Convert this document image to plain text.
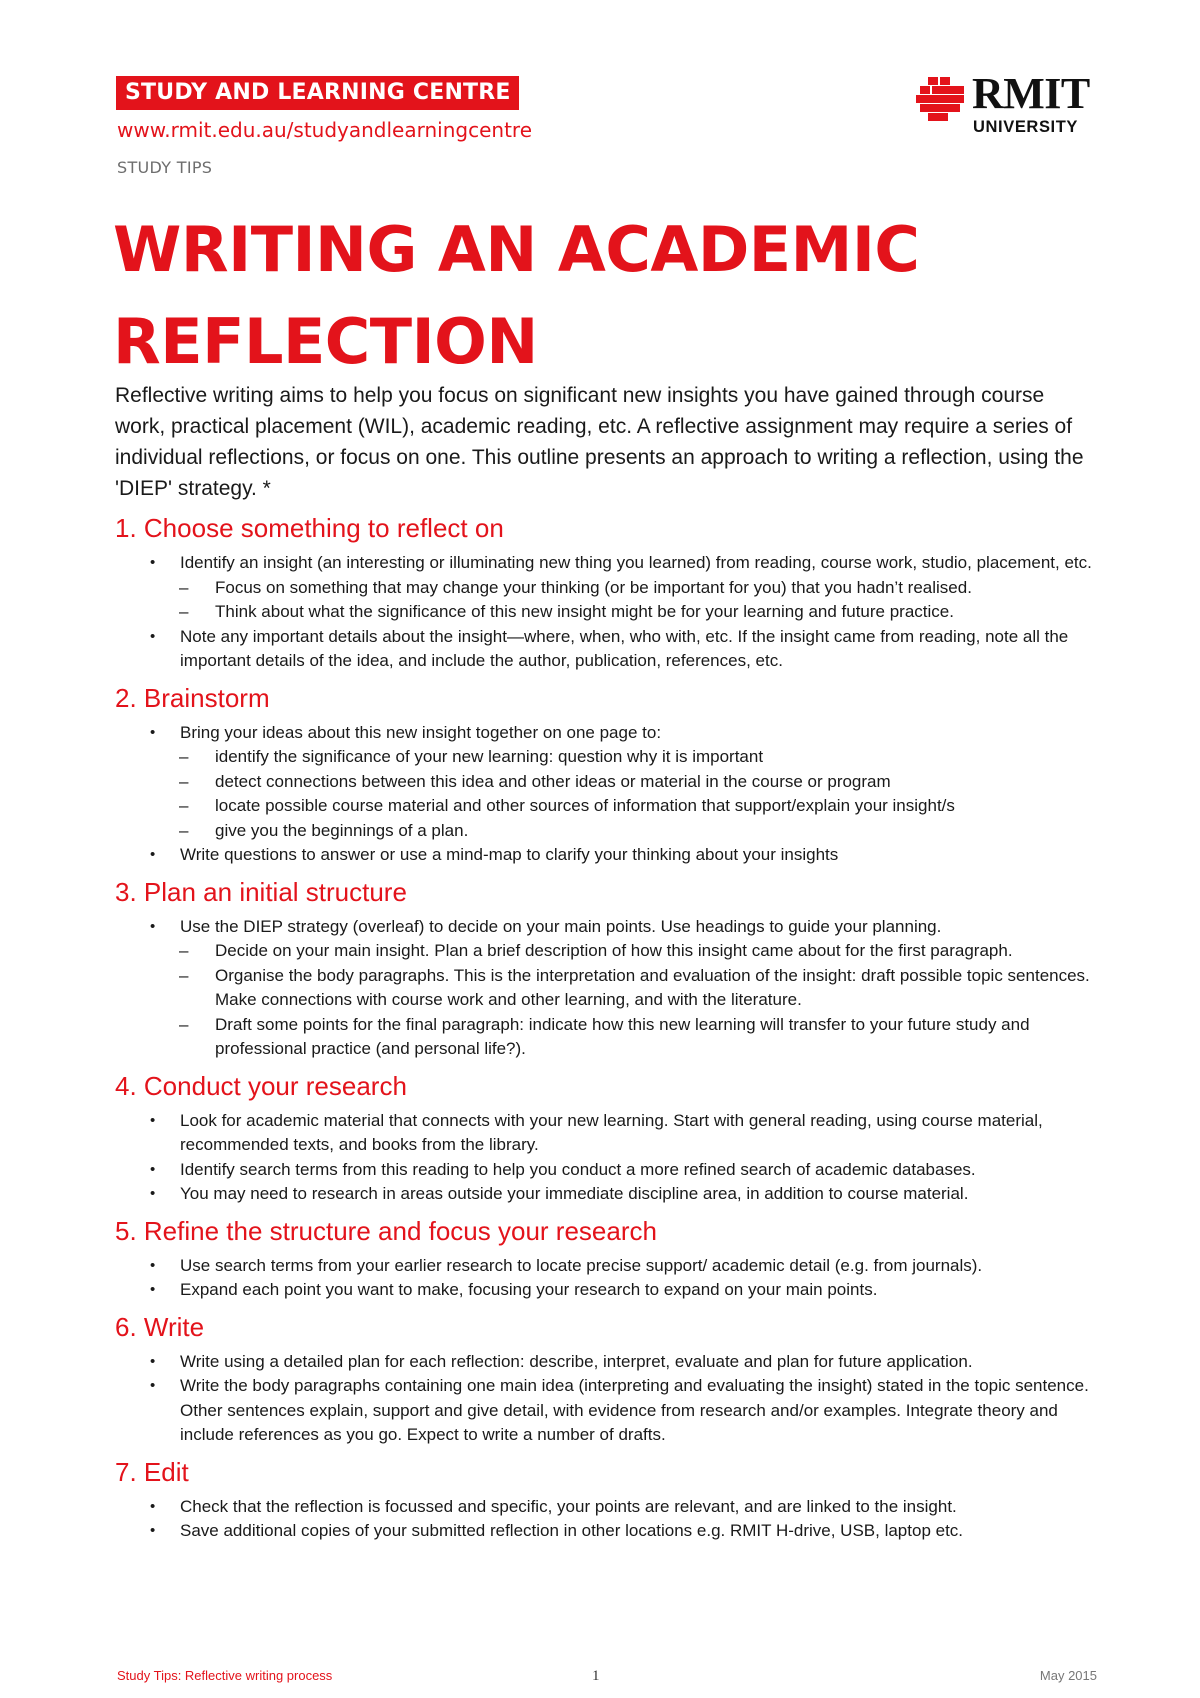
STUDY AND LEARNING CENTRE
www.rmit.edu.au/studyandlearningcentre
STUDY TIPS
RMIT
UNIVERSITY
WRITING AN ACADEMIC REFLECTION

Reflective writing aims to help you focus on significant new insights you have gained through course work, practical placement (WIL), academic reading, etc. A reflective assignment may require a series of individual reflections, or focus on one. This outline presents an approach to writing a reflection, using the 'DIEP' strategy. *

1. Choose something to reflect on
• Identify an insight (an interesting or illuminating new thing you learned) from reading, course work, studio, placement, etc.
– Focus on something that may change your thinking (or be important for you) that you hadn’t realised.
– Think about what the significance of this new insight might be for your learning and future practice.
• Note any important details about the insight—where, when, who with, etc. If the insight came from reading, note all the important details of the idea, and include the author, publication, references, etc.
2. Brainstorm
• Bring your ideas about this new insight together on one page to:
– identify the significance of your new learning: question why it is important
– detect connections between this idea and other ideas or material in the course or program
– locate possible course material and other sources of information that support/explain your insight/s
– give you the beginnings of a plan.
• Write questions to answer or use a mind-map to clarify your thinking about your insights
3. Plan an initial structure
• Use the DIEP strategy (overleaf) to decide on your main points. Use headings to guide your planning.
– Decide on your main insight. Plan a brief description of how this insight came about for the first paragraph.
– Organise the body paragraphs. This is the interpretation and evaluation of the insight: draft possible topic sentences. Make connections with course work and other learning, and with the literature.
– Draft some points for the final paragraph: indicate how this new learning will transfer to your future study and professional practice (and personal life?).
4. Conduct your research
• Look for academic material that connects with your new learning. Start with general reading, using course material, recommended texts, and books from the library.
• Identify search terms from this reading to help you conduct a more refined search of academic databases.
• You may need to research in areas outside your immediate discipline area, in addition to course material.
5. Refine the structure and focus your research
• Use search terms from your earlier research to locate precise support/ academic detail (e.g. from journals).
• Expand each point you want to make, focusing your research to expand on your main points.
6. Write
• Write using a detailed plan for each reflection: describe, interpret, evaluate and plan for future application.
• Write the body paragraphs containing one main idea (interpreting and evaluating the insight) stated in the topic sentence. Other sentences explain, support and give detail, with evidence from research and/or examples. Integrate theory and include references as you go. Expect to write a number of drafts.
7. Edit
• Check that the reflection is focussed and specific, your points are relevant, and are linked to the insight.
• Save additional copies of your submitted reflection in other locations e.g. RMIT H-drive, USB, laptop etc.
Study Tips: Reflective writing process	1	May 2015
